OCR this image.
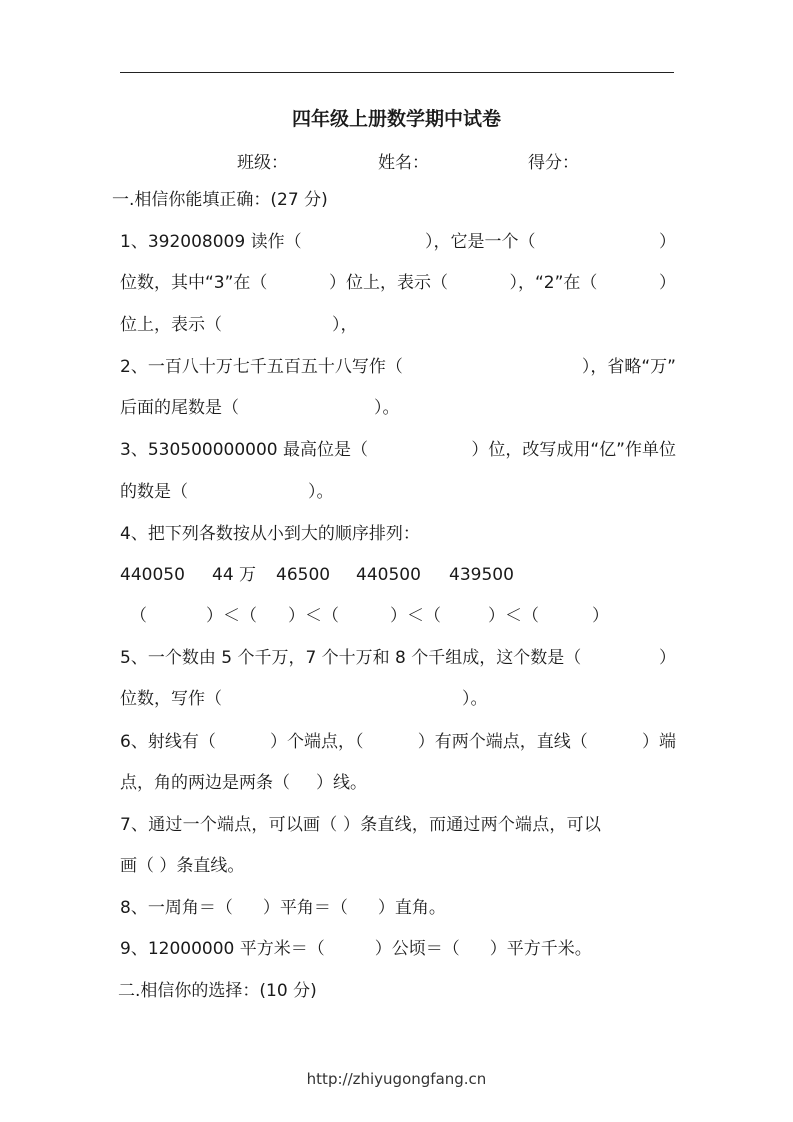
四年级上册数学期中试卷
班级：	姓名：	得分：
一.相信你能填正确：(27 分)
1、392008009 读作（	），它是一个（	）
位数，其中“3”在（	）位上，表示（	），“2”在（	）
位上，表示（	），
2、一百八十万七千五百五十八写作（	），省略“万”
后面的尾数是（	）。
3、530500000000 最高位是（	）位，改写成用“亿”作单位
的数是（	）。
4、把下列各数按从小到大的顺序排列：
440050 44 万 46500 440500 439500
（	）＜（ ）＜（	）＜（	）＜（	）
5、一个数由 5 个千万，7 个十万和 8 个千组成，这个数是（	）
位数，写作（	）。
6、射线有（	）个端点，（	）有两个端点，直线（	）端
点，角的两边是两条（ ）线。
7、通过一个端点，可以画（ ）条直线，而通过两个端点，可以
画（ ）条直线。
8、一周角＝（ ）平角＝（ ）直角。
9、12000000 平方米＝（	）公顷＝（ ）平方千米。
二.相信你的选择：(10 分)
http://zhiyugongfang.cn
